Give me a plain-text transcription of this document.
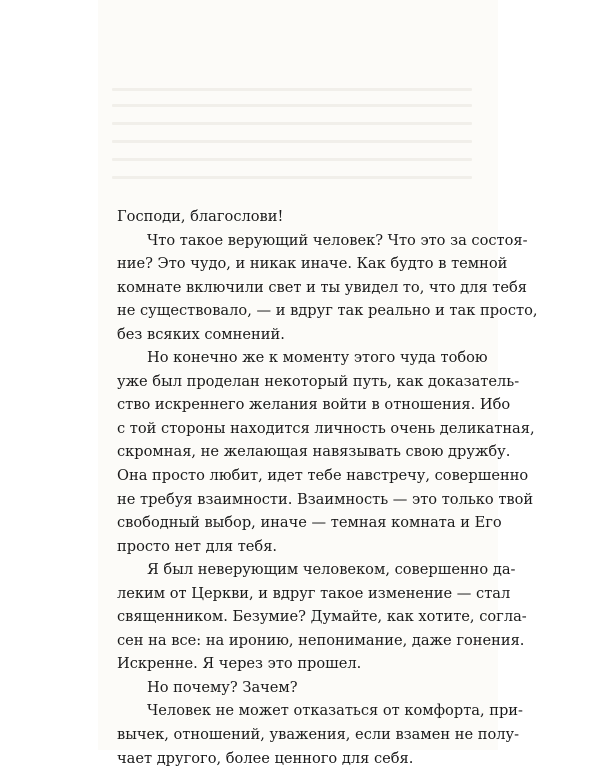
Господи, благослови!

Что такое верующий человек? Что это за состоя-
ние? Это чудо, и никак иначе. Как будто в темной
комнате включили свет и ты увидел то, что для тебя
не существовало, — и вдруг так реально и так просто,
без всяких сомнений.

Но конечно же к моменту этого чуда тобою
уже был проделан некоторый путь, как доказатель-
ство искреннего желания войти в отношения. Ибо
с той стороны находится личность очень деликатная,
скромная, не желающая навязывать свою дружбу.
Она просто любит, идет тебе навстречу, совершенно
не требуя взаимности. Взаимность — это только твой
свободный выбор, иначе — темная комната и Его
просто нет для тебя.

Я был неверующим человеком, совершенно да-
леким от Церкви, и вдруг такое изменение — стал
священником. Безумие? Думайте, как хотите, согла-
сен на все: на иронию, непонимание, даже гонения.
Искренне. Я через это прошел.

Но почему? Зачем?

Человек не может отказаться от комфорта, при-
вычек, отношений, уважения, если взамен не полу-
чает другого, более ценного для себя.
